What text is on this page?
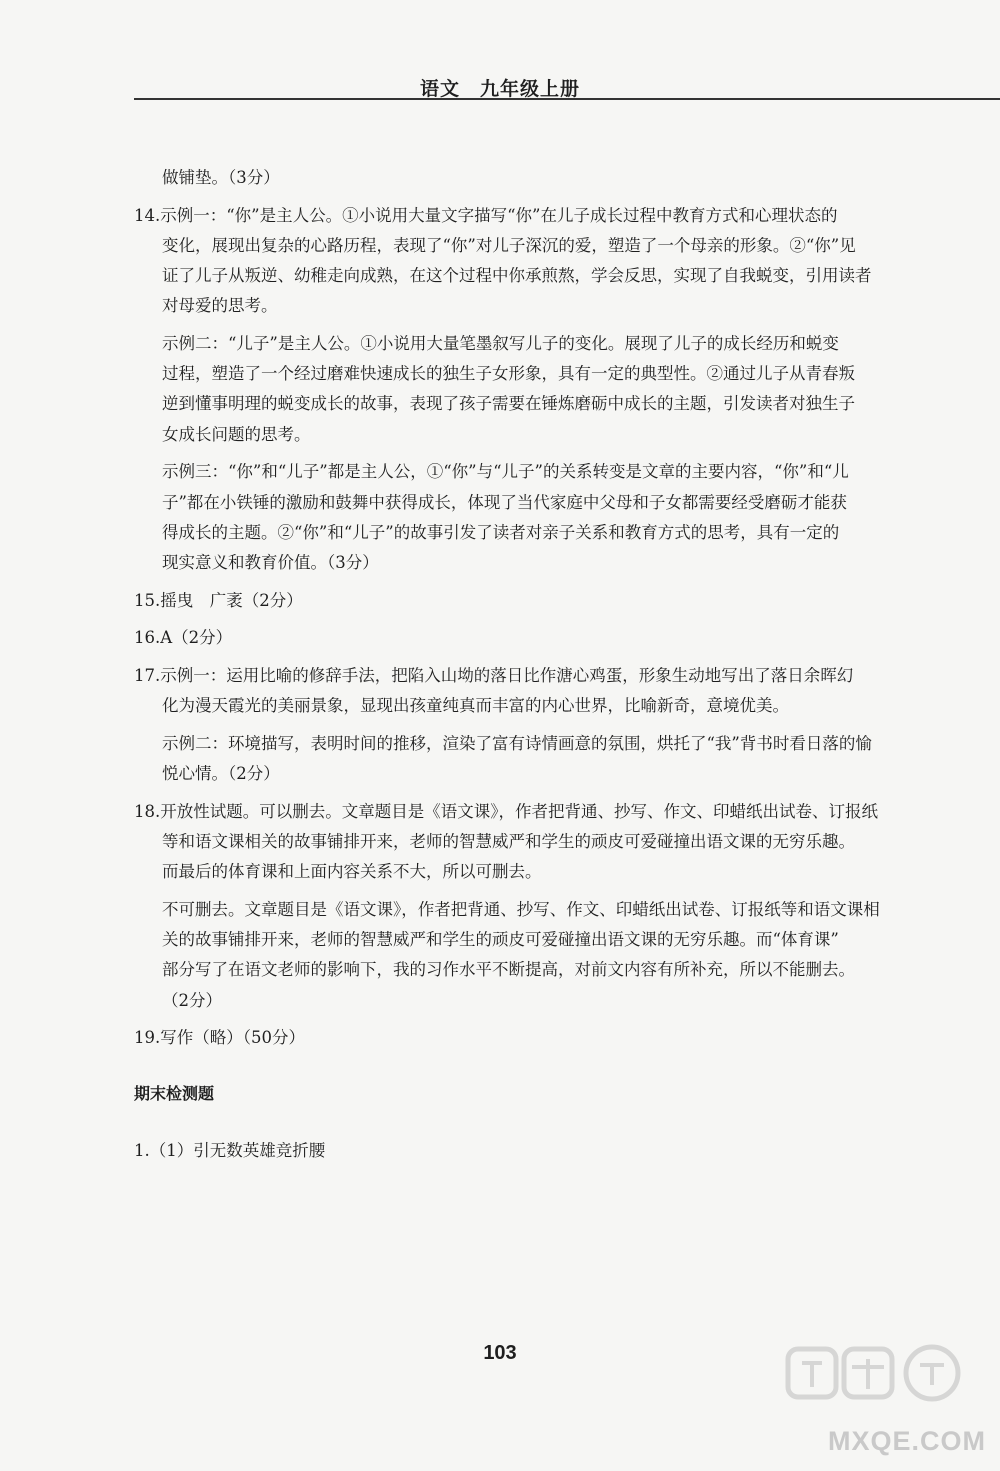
语文　九年级上册

做铺垫。（3分）

14.示例一：“你”是主人公。①小说用大量文字描写“你”在儿子成长过程中教育方式和心理状态的

变化，展现出复杂的心路历程，表现了“你”对儿子深沉的爱，塑造了一个母亲的形象。②“你”见

证了儿子从叛逆、幼稚走向成熟，在这个过程中你承煎熬，学会反思，实现了自我蜕变，引用读者

对母爱的思考。

示例二：“儿子”是主人公。①小说用大量笔墨叙写儿子的变化。展现了儿子的成长经历和蜕变

过程，塑造了一个经过磨难快速成长的独生子女形象，具有一定的典型性。②通过儿子从青春叛

逆到懂事明理的蜕变成长的故事，表现了孩子需要在锤炼磨砺中成长的主题，引发读者对独生子

女成长问题的思考。

示例三：“你”和“儿子”都是主人公，①“你”与“儿子”的关系转变是文章的主要内容，“你”和“儿

子”都在小铁锤的激励和鼓舞中获得成长，体现了当代家庭中父母和子女都需要经受磨砺才能获

得成长的主题。②“你”和“儿子”的故事引发了读者对亲子关系和教育方式的思考，具有一定的

现实意义和教育价值。（3分）

15.摇曳　广袤（2分）

16.A（2分）

17.示例一：运用比喻的修辞手法，把陷入山坳的落日比作溏心鸡蛋，形象生动地写出了落日余晖幻

化为漫天霞光的美丽景象，显现出孩童纯真而丰富的内心世界，比喻新奇，意境优美。

示例二：环境描写，表明时间的推移，渲染了富有诗情画意的氛围，烘托了“我”背书时看日落的愉

悦心情。（2分）

18.开放性试题。可以删去。文章题目是《语文课》，作者把背通、抄写、作文、印蜡纸出试卷、订报纸

等和语文课相关的故事铺排开来，老师的智慧威严和学生的顽皮可爱碰撞出语文课的无穷乐趣。

而最后的体育课和上面内容关系不大，所以可删去。

不可删去。文章题目是《语文课》，作者把背通、抄写、作文、印蜡纸出试卷、订报纸等和语文课相

关的故事铺排开来，老师的智慧威严和学生的顽皮可爱碰撞出语文课的无穷乐趣。而“体育课”

部分写了在语文老师的影响下，我的习作水平不断提高，对前文内容有所补充，所以不能删去。

（2分）

19.写作（略）（50分）

期末检测题

1.（1）引无数英雄竞折腰

103
MXQE.COM
